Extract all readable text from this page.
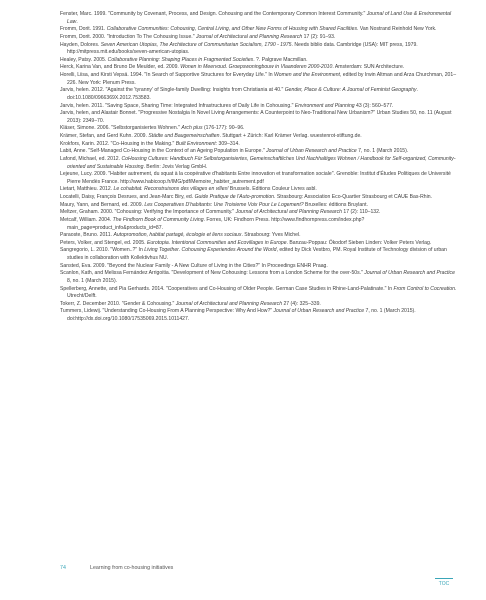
Fenster, Marc. 1999. "Community by Covenant, Process, and Design. Cohousing and the Contemporary Common Interest Community." Journal of Land Use & Environmental Law.

Fromm, Dorit. 1991. Collaborative Communities: Cohousing, Central Living, and Other New Forms of Housing with Shared Facilities. Van Nostrand Reinhold New York.

Fromm, Dorit. 2000. "Introduction To The Cohousing Issue." Journal of Architectural and Planning Research 17 (2): 91–93.

Hayden, Dolores. Seven American Utopias, The Architecture of Communitarian Socialism, 1790 - 1975. Needs biblio data. Cambridge (USA): MIT press, 1979. http://mitpress.mit.edu/books/seven-american-utopias.

Healey, Patsy. 2005. Collaborative Planning: Shaping Places in Fragmented Societies. ?. Palgrave Macmillan.

Herck, Karina Van, and Bruno De Meulder, ed. 2009. Wonen in Meervoud. Groepswoningbouw in Vlaanderen 2000-2010. Amsterdam: SUN Architecture.

Horelli, Liisa, and Kirsti Vepsä. 1994. "In Search of Supportive Structures for Everyday Life." In Women and the Environment, edited by Irwin Altman and Arza Churchman, 201–226. New York: Plenum Press.

Jarvis, helen. 2012. "Against the 'tyranny' of Single-family Dwelling: Insights from Christiania at 40." Gender, Place & Culture: A Journal of Feminist Geography. doi:10.1080/0966369X.2012.753583.

Jarvis, helen. 2011. "Saving Space, Sharing Time: Integrated Infrastructures of Daily Life in Cohousing." Environment and Planning 43 (3): 560–577.

Jarvis, helen, and Alastair Bonnet. "Progressive Nostalgia In Novel Living Arrangements: A Counterpoint to Neo-Traditional New Urbanism?" Urban Studies 50, no. 11 (August 2013): 2349–70.

Kläser, Simone. 2006. "Selbstorganisiertes Wohnen." Arch plus (176-177): 90–96.

Krämer, Stefan, and Gerd Kuhn. 2009. Städte und Baugemeinschaften. Stuttgart + Zürich: Karl Krämer Verlag. wuestenrot-stiftung.de.

Krokfors, Karin. 2012. "Co-Housing in the Making." Built Environment: 309–314.

Labit, Anne. "Self-Managed Co-Housing in the Context of an Ageing Population in Europe." Journal of Urban Research and Practice 7, no. 1 (March 2015).

Lafond, Michael, ed. 2012. CoHousing Cultures: Handbuch Für Selbstorganisiertes, Gemeinschaftliches Und Nachhaltiges Wohnen / Handbook for Self-organized, Community-oriented and Sustainable Housing. Berlin: Jovis Verlag GmbH.

Lejeune, Lucy. 2009. "Habiter autrement, du squat à la coopérative d'habitants Entre innovation et transformation sociale". Grenoble: Institut d'Études Politiques de Université Pierre Mendès France. http://www.habicoop.fr/IMG/pdf/Memoire_habiter_autrement.pdf

Lietart, Matthieu. 2012. Le cohabitat. Reconstruisons des villages en villes! Brussels. Editions Couleur Livres asbl.

Locatelli, Daisy, François Desrues, and Jean-Marc Biry, ed. Guide Pratique de l'Auto-promotion. Strasbourg: Association Eco-Quartier Strasbourg et CAUE Bas-Rhin.

Maury, Yann, and Bernard, ed. 2009. Les Cooperatives D'habitants: Une Troisieme Voix Pour Le Logement? Bruxelles: éditions Bruylant.

Meltzer, Graham. 2000. "Cohousing: Verifying the Importance of Community." Journal of Architectural and Planning Research 17 (2): 110–132.

Metcalf, William. 2004. The Findhorn Book of Community Living. Forres, UK: Findhorn Press. http://www.findhornpress.com/index.php?main_page=product_info&products_id=87.

Paraoste, Bruno. 2011. Autopromotion, habitat partagé, écologie et liens sociaux. Strasbourg: Yves Michel.

Peters, Volker, and Stengel, ed. 2005. Eurotopia. Intentional Communities and Ecovillages in Europe. Banzau-Poppau: Ökodorf Sieben Linden: Volker Peters Verlag.

Sangregorio, L. 2010. "Women..?" In Living Together. Cohousing Experiendes Around the World, edited by Dick Vestbro, PM. Royal Institute of Technology division of urban studies in collaboration with Kollektivhus NU.

Sansted, Eva. 2009. "Beyond the Nuclear Family - A New Culture of Living in the Cities?" In Proceedings ENHR Praag.

Scanlon, Kath, and Melissa Fernández Arrigoitia. "Development of New Cohousing: Lessons from a London Scheme for the over-50s." Journal of Urban Research and Practice 8, no. 1 (March 2015).

Spellerberg, Annette, and Pia Gerhards. 2014. "Cooperatives and Co-Housing of Older People. German Case Studies in Rhine-Land-Palatinate." In From Control to Cocreation. Utrecht/Delft.

Tokerr, Z. December 2010. "Gender & Cohousing." Journal of Architectural and Planning Research 27 (4): 325–339.

Tummers, Lidewij. "Understanding Co-Housing From A Planning Perspective: Why And How?" Journal of Urban Research and Practice 7, no. 1 (March 2015). doi:http://dx.doi.org/10.1080/17535069.2015.1011427.

74	Learning from co-housing initiatives
TOC
